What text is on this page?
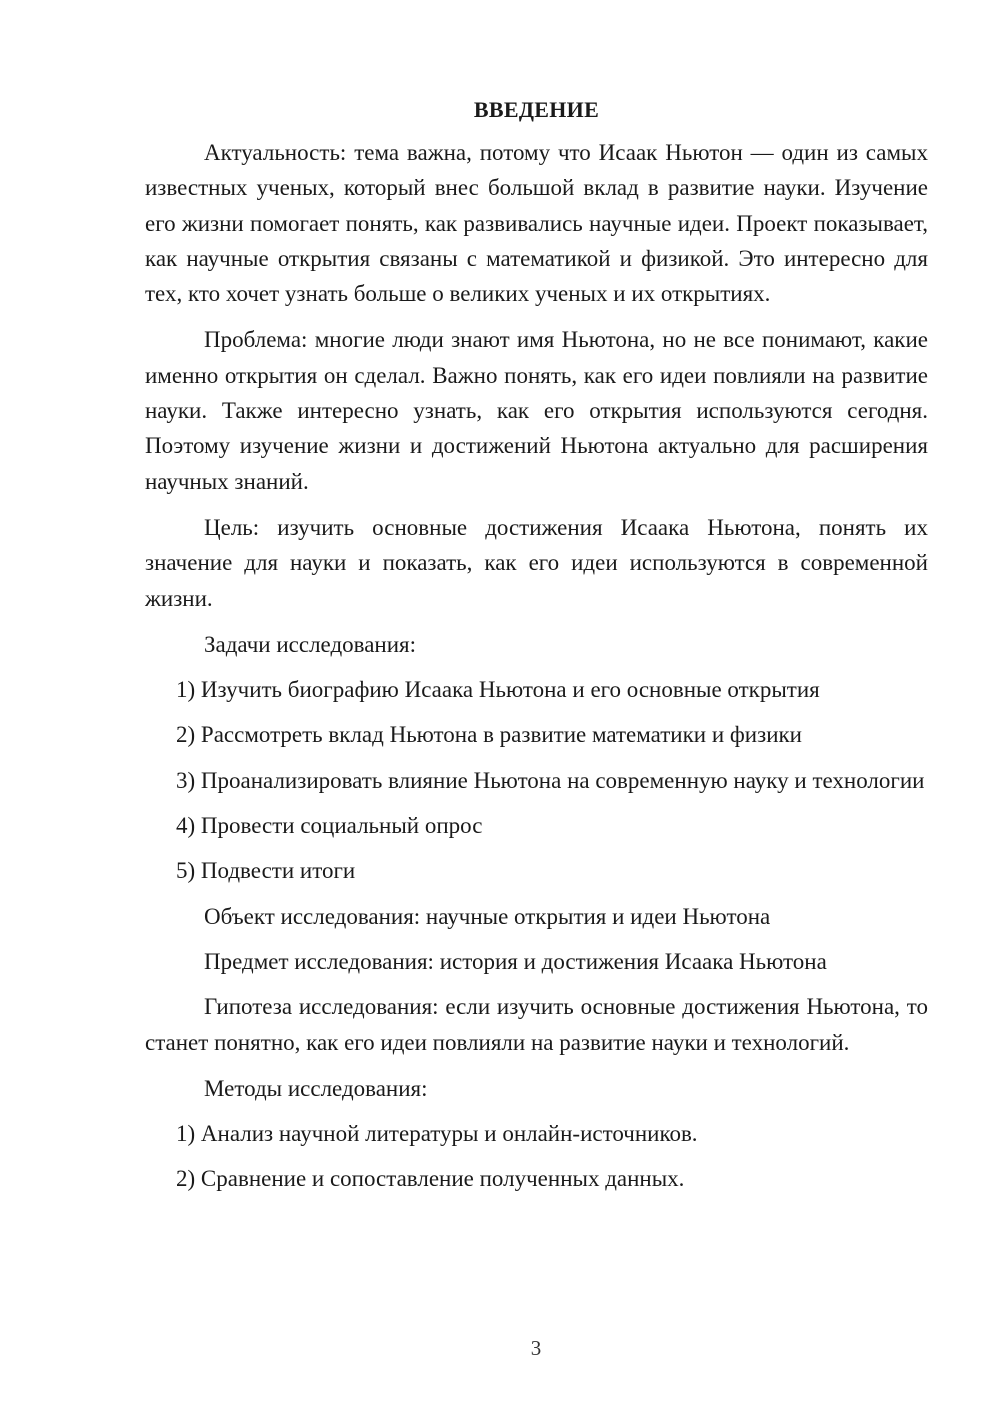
ВВЕДЕНИЕ

Актуальность: тема важна, потому что Исаак Ньютон — один из самых известных ученых, который внес большой вклад в развитие науки. Изучение его жизни помогает понять, как развивались научные идеи. Проект показывает, как научные открытия связаны с математикой и физикой. Это интересно для тех, кто хочет узнать больше о великих ученых и их открытиях.

Проблема: многие люди знают имя Ньютона, но не все понимают, какие именно открытия он сделал. Важно понять, как его идеи повлияли на развитие науки. Также интересно узнать, как его открытия используются сегодня. Поэтому изучение жизни и достижений Ньютона актуально для расширения научных знаний.

Цель: изучить основные достижения Исаака Ньютона, понять их значение для науки и показать, как его идеи используются в современной жизни.

Задачи исследования:

1) Изучить биографию Исаака Ньютона и его основные открытия

2) Рассмотреть вклад Ньютона в развитие математики и физики

3) Проанализировать влияние Ньютона на современную науку и технологии

4) Провести социальный опрос

5) Подвести итоги

Объект исследования: научные открытия и идеи Ньютона

Предмет исследования: история и достижения Исаака Ньютона

Гипотеза исследования: если изучить основные достижения Ньютона, то станет понятно, как его идеи повлияли на развитие науки и технологий.

Методы исследования:

1) Анализ научной литературы и онлайн-источников.

2) Сравнение и сопоставление полученных данных.

3
